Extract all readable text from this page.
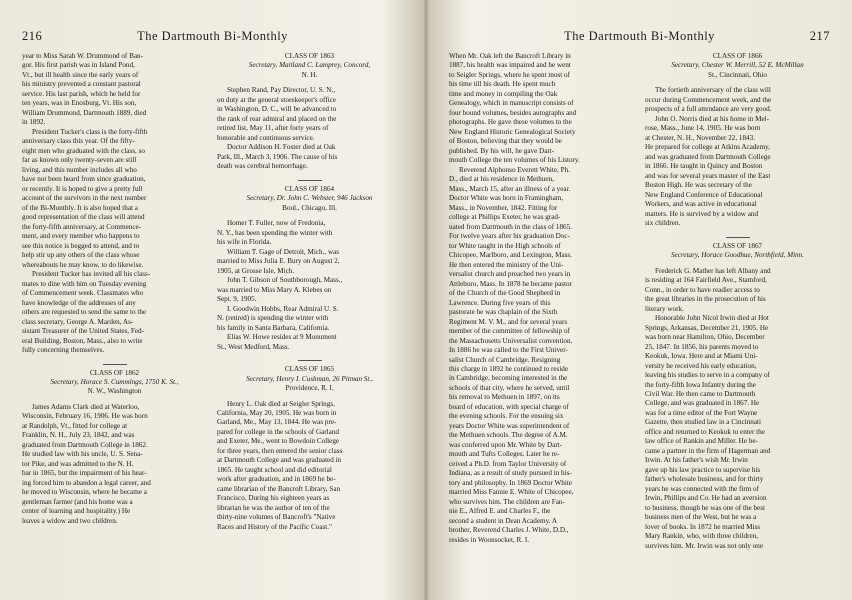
216	The Dartmouth Bi-Monthly

year to Miss Sarah W. Drummond of Ban-

gor. His first parish was in Island Pond,

Vt., but ill health since the early years of

his ministry prevented a constant pastoral

service. His last parish, which he held for

ten years, was in Enosburg, Vt. His son,

William Drummond, Dartmouth 1889, died

in 1892.

President Tucker's class is the forty-fifth

anniversary class this year. Of the fifty-

eight men who graduated with the class, so

far as known only twenty-seven are still

living, and this number includes all who

have not been heard from since graduation,

or recently. It is hoped to give a pretty full

account of the survivors in the next number

of the Bi-Monthly. It is also hoped that a

good representation of the class will attend

the forty-fifth anniversary, at Commence-

ment, and every member who happens to

see this notice is begged to attend, and to

help stir up any others of the class whose

whereabouts he may know, to do likewise.

President Tucker has invited all his class-

mates to dine with him on Tuesday evening

of Commencement week. Classmates who

have knowledge of the addresses of any

others are requested to send the same to the

class secretary, George A. Marden, As-

sistant Treasurer of the United States, Fed-

eral Building, Boston, Mass., also to write

fully concerning themselves.

CLASS OF 1862

Secretary, Horace S. Cummings, 1750 K. St.,

N. W., Washington

James Adams Clark died at Waterloo,

Wisconsin, February 16, 1906. He was born

at Randolph, Vt., fitted for college at

Franklin, N. H., July 23, 1842, and was

graduated from Dartmouth College in 1862.

He studied law with his uncle, U. S. Sena-

tor Pike, and was admitted to the N. H.

bar in 1865, but the impairment of his hear-

ing forced him to abandon a legal career, and

he moved to Wisconsin, where he became a

gentleman farmer (and his home was a

center of learning and hospitality.) He

leaves a widow and two children.

CLASS OF 1863

Secretary, Maitland C. Lamprey, Concord,

N. H.

Stephen Rand, Pay Director, U. S. N.,

on duty at the general storekeeper's office

in Washington, D. C., will be advanced to

the rank of rear admiral and placed on the

retired list, May 11, after forty years of

honorable and continuous service.

Doctor Addison H. Foster died at Oak

Park, Ill., March 3, 1906. The cause of his

death was cerebral hemorrhage.

CLASS OF 1864

Secretary, Dr. John C. Webster, 946 Jackson

Boul., Chicago, Ill.

Homer T. Fuller, now of Fredonia,

N. Y., has been spending the winter with

his wife in Florida.

William T. Gage of Detroit, Mich., was

married to Miss Julia E. Bury on August 2,

1905, at Grosse Isle, Mich.

John T. Gibson of Southborough, Mass.,

was married to Miss Mary A. Klebes on

Sept. 9, 1905.

I. Goodwin Hobbs, Rear Admiral U. S.

N. (retired) is spending the winter with

his family in Santa Barbara, California.

Elias W. Howe resides at 9 Monument

St., West Medford, Mass.

CLASS OF 1865

Secretary, Henry I. Cushman, 26 Pitman St.,

Providence, R. I.

Henry L. Oak died at Seigler Springs,

California, May 20, 1905. He was born in

Garland, Me., May 13, 1844. He was pre-

pared for college in the schools of Garland

and Exeter, Me., went to Bowdoin College

for three years, then entered the senior class

at Dartmouth College and was graduated in

1865. He taught school and did editorial

work after graduation, and in 1869 he be-

came librarian of the Bancroft Library, San

Francisco. During his eighteen years as

librarian he was the author of ten of the

thirty-nine volumes of Bancroft's "Native

Races and History of the Pacific Coast."

The Dartmouth Bi-Monthly	217

When Mr. Oak left the Bancroft Library in

1887, his health was impaired and he went

to Seigler Springs, where he spent most of

his time till his death. He spent much

time and money in compiling the Oak

Genealogy, which in manuscript consists of

four bound volumes, besides autographs and

photographs. He gave these volumes to the

New England Historic Genealogical Society

of Boston, believing that they would be

published. By his will, he gave Dart-

mouth College the ten volumes of his Listory.

Reverend Alphonso Everett White, Ph.

D., died at his residence in Methuen,

Mass., March 15, after an illness of a year.

Doctor White was born in Framingham,

Mass., in November, 1842. Fitting for

college at Phillips Exeter, he was grad-

uated from Dartmouth in the class of 1865.

For twelve years after his graduation Doc-

tor White taught in the High schools of

Chicopee, Marlboro, and Lexington, Mass.

He then entered the ministry of the Uni-

versalist church and preached two years in

Attleboro, Mass. In 1878 he became pastor

of the Church of the Good Shepherd in

Lawrence. During five years of this

pastorate he was chaplain of the Sixth

Regiment M. V. M., and for several years

member of the committee of fellowship of

the Massachusetts Universalist convention.

In 1886 he was called to the First Univer-

salist Church of Cambridge. Resigning

this charge in 1892 he continued to reside

in Cambridge, becoming interested in the

schools of that city, where he served, until

his removal to Methuen in 1897, on its

board of education, with special charge of

the evening schools. For the ensuing six

years Doctor White was superintendent of

the Methuen schools. The degree of A.M.

was conferred upon Mr. White by Dart-

mouth and Tufts Colleges. Later he re-

ceived a Ph.D. from Taylor University of

Indiana, as a result of study pursued in his-

tory and philosophy. In 1869 Doctor White

married Miss Fannie E. White of Chicopee,

who survives him. The children are Fan-

nie E., Alfred E. and Charles F., the

second a student in Dean Academy. A

brother, Reverend Charles J. White, D.D.,

resides in Woonsocket, R. I.

CLASS OF 1866

Secretary, Chester W. Merrill, 52 E. McMillan

St., Cincinnati, Ohio

The fortieth anniversary of the class will

occur during Commencement week, and the

prospects of a full attendance are very good.

John O. Norris died at his home in Mel-

rose, Mass., June 14, 1905. He was born

at Chester, N. H., November 22, 1843.

He prepared for college at Atkins Academy,

and was graduated from Dartmouth College

in 1866. He taught in Quincy and Boston

and was for several years master of the East

Boston High. He was secretary of the

New England Conference of Educational

Workers, and was active in educational

matters. He is survived by a widow and

six children.

CLASS OF 1867

Secretary, Horace Goodhue, Northfield, Minn.

Frederick G. Mather has left Albany and

is residing at 164 Fairfield Ave., Stamford,

Conn., in order to have readier access to

the great libraries in the prosecution of his

literary work.

Honorable John Nicol Irwin died at Hot

Springs, Arkansas, December 21, 1905. He

was born near Hamilton, Ohio, December

25, 1847. In 1856, his parents moved to

Keokuk, Iowa. Here and at Miami Uni-

versity he received his early education,

leaving his studies to serve in a company of

the forty-fifth Iowa Infantry during the

Civil War. He then came to Dartmouth

College, and was graduated in 1867. He

was for a time editor of the Fort Wayne

Gazette, then studied law in a Cincinnati

office and returned to Keokuk to enter the

law office of Rankin and Miller. He be-

came a partner in the firm of Hagerman and

Irwin. At his father's wish Mr. Irwin

gave up his law practice to supervise his

father's wholesale business, and for thirty

years he was connected with the firm of

Irwin, Phillips and Co. He had an aversion

to business, though he was one of the best

business men of the West, but he was a

lover of books. In 1872 he married Miss

Mary Rankin, who, with three children,

survives him. Mr. Irwin was not only one
